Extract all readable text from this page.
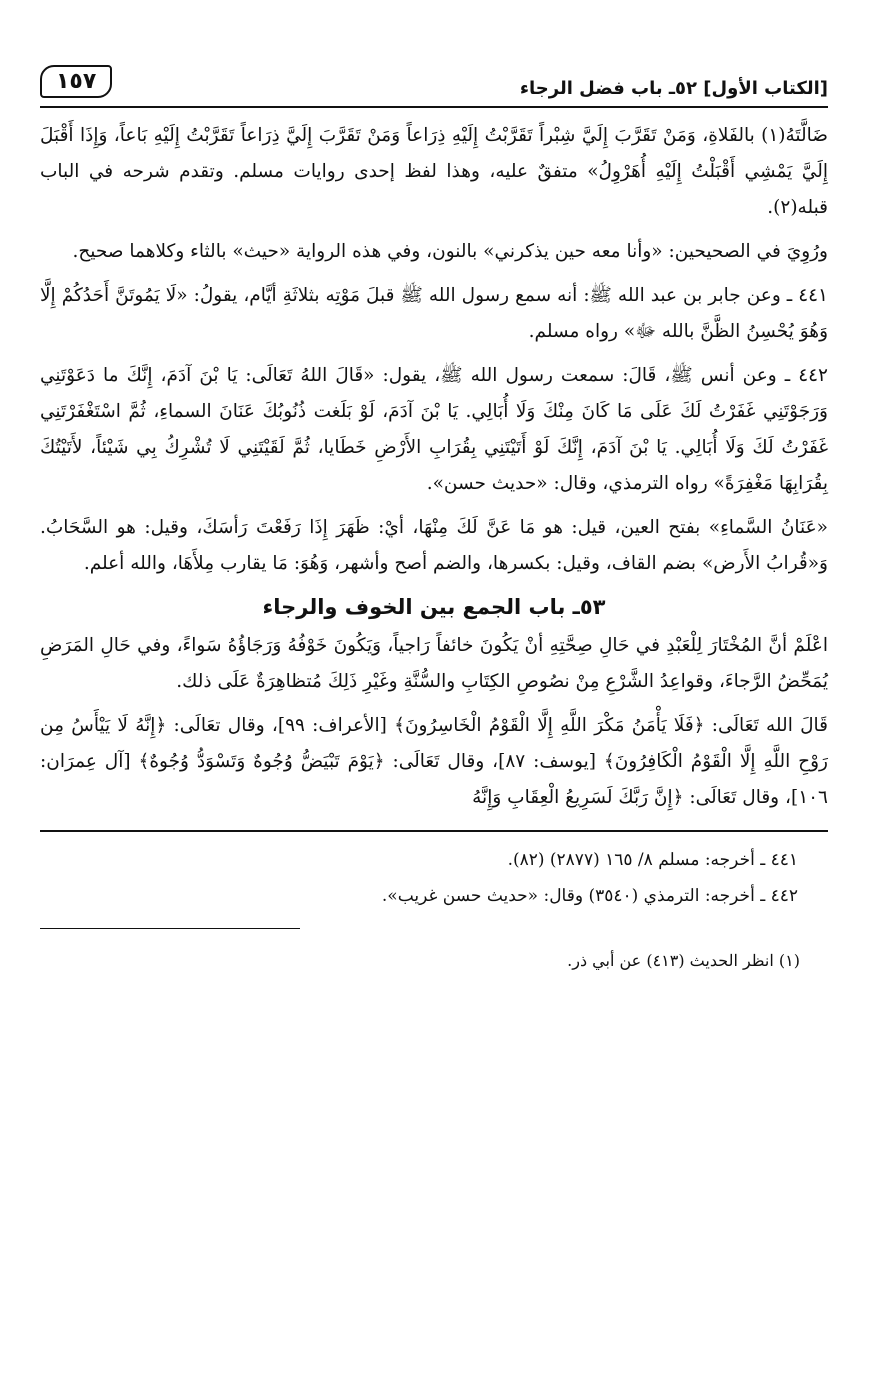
[الكتاب الأول] ٥٢ـ باب فضل الرجاء
١٥٧

ضَالَّتَهُ(١) بالفَلاةِ، وَمَنْ تَقَرَّبَ إِلَيَّ شِبْراً تَقَرَّبْتُ إِلَيْهِ ذِرَاعاً وَمَنْ تَقَرَّبَ إِلَيَّ ذِرَاعاً تَقَرَّبْتُ إِلَيْهِ بَاعاً، وَإِذَا أَقْبَلَ إِلَيَّ يَمْشِي أَقْبَلْتُ إِلَيْهِ أُهَرْوِلُ» متفقٌ عليه، وهذا لفظ إحدى روايات مسلم. وتقدم شرحه في الباب قبله(٢).

ورُوِيَ في الصحيحين: «وأنا معه حين يذكرني» بالنون، وفي هذه الرواية «حيث» بالثاء وكلاهما صحيح.

٤٤١ ـ وعن جابر بن عبد الله ﷺ: أنه سمع رسول الله ﷺ قبلَ مَوْتِه بثلاثَةِ أيَّام، يقولُ: «لَا يَمُوتَنَّ أَحَدُكُمْ إِلَّا وَهُوَ يُحْسِنُ الظَّنَّ بالله ﷻ» رواه مسلم.

٤٤٢ ـ وعن أنس ﷺ، قَالَ: سمعت رسول الله ﷺ، يقول: «قَالَ اللهُ تَعَالَى: يَا بْنَ آدَمَ، إِنَّكَ ما دَعَوْتَنِي وَرَجَوْتَنِي غَفَرْتُ لَكَ عَلَى مَا كَانَ مِنْكَ وَلَا أُبَالِي. يَا بْنَ آدَمَ، لَوْ بَلَغت ذُنُوبُكَ عَنَانَ السماءِ، ثُمَّ اسْتَغْفَرْتَنِي غَفَرْتُ لَكَ وَلَا أُبَالِي. يَا بْنَ آدَمَ، إِنَّكَ لَوْ أَتَيْتَنِي بِقُرَابِ الأَرْضِ خَطَايا، ثُمَّ لَقَيْتَنِي لَا تُشْرِكُ بِي شَيْئاً، لأَتَيْتُكَ بِقُرَابِهَا مَغْفِرَةً» رواه الترمذي، وقال: «حديث حسن».

«عَنَانُ السَّماءِ» بفتح العين، قيل: هو مَا عَنَّ لَكَ مِنْهَا، أيْ: ظَهَرَ إِذَا رَفَعْتَ رَأسَكَ، وقيل: هو السَّحَابُ. وَ«قُرابُ الأَرض» بضم القاف، وقيل: بكسرها، والضم أصح وأشهر، وَهُوَ: مَا يقارب مِلأَهَا، والله أعلم.

٥٣ـ باب الجمع بين الخوف والرجاء

اعْلَمْ أنَّ المُخْتَارَ لِلْعَبْدِ في حَالِ صِحَّتِهِ أنْ يَكُونَ خائفاً رَاجياً، وَيَكُونَ خَوْفُهُ وَرَجَاؤُهُ سَواءً، وفي حَالِ المَرَضِ يُمَحِّضُ الرَّجاءَ، وقواعِدُ الشَّرْعِ مِنْ نصُوصِ الكِتَابِ والسُّنَّةِ وغَيْرِ ذَلِكَ مُتظاهِرَةٌ عَلَى ذلك.

قَالَ الله تَعَالَى: ﴿فَلَا يَأْمَنُ مَكْرَ اللَّهِ إِلَّا الْقَوْمُ الْخَاسِرُونَ﴾ [الأعراف: ٩٩]، وقال تعَالَى: ﴿إِنَّهُ لَا يَيْأَسُ مِن رَوْحِ اللَّهِ إِلَّا الْقَوْمُ الْكَافِرُونَ﴾ [يوسف: ٨٧]، وقال تَعَالَى: ﴿يَوْمَ تَبْيَضُّ وُجُوهٌ وَتَسْوَدُّ وُجُوهٌ﴾ [آل عِمرَان: ١٠٦]، وقال تَعَالَى: ﴿إِنَّ رَبَّكَ لَسَرِيعُ الْعِقَابِ وَإِنَّهُ

٤٤١ ـ أخرجه: مسلم ٨/ ١٦٥ (٢٨٧٧) (٨٢).

٤٤٢ ـ أخرجه: الترمذي (٣٥٤٠) وقال: «حديث حسن غريب».

(١) انظر الحديث (٤١٣) عن أبي ذر.
